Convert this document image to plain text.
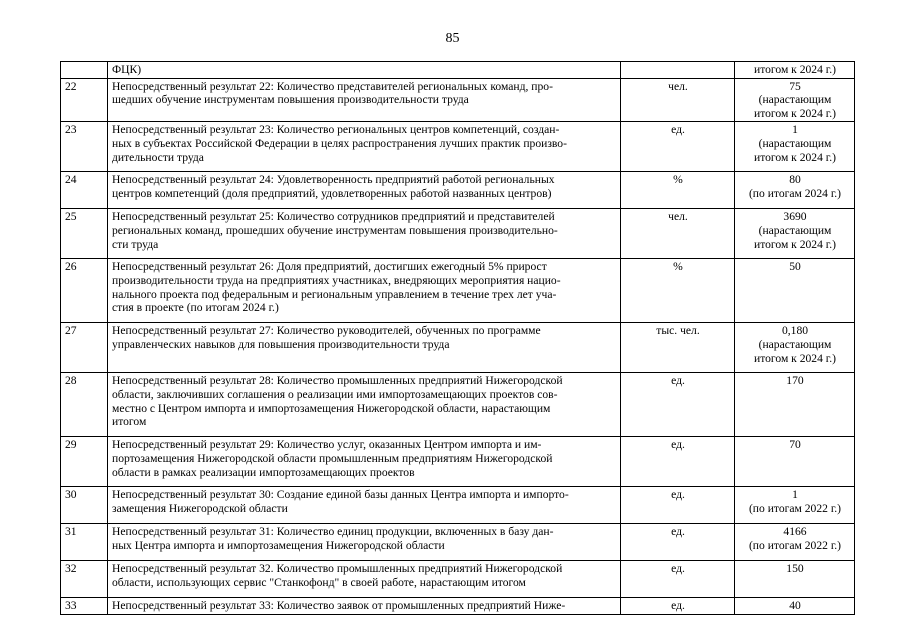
85

	ФЦК)		итогом к 2024 г.)

22	Непосредственный результат 22: Количество представителей региональных команд, про-
шедших обучение инструментам повышения производительности труда	чел.	75
(нарастающим
итогом к 2024 г.)

23	Непосредственный результат 23: Количество региональных центров компетенций, создан-
ных в субъектах Российской Федерации в целях распространения лучших практик произво-
дительности труда	ед.	1
(нарастающим
итогом к 2024 г.)

24	Непосредственный результат 24: Удовлетворенность предприятий работой региональных
центров компетенций (доля предприятий, удовлетворенных работой названных центров)	%	80
(по итогам 2024 г.)

25	Непосредственный результат 25: Количество сотрудников предприятий и представителей
региональных команд, прошедших обучение инструментам повышения производительно-
сти труда	чел.	3690
(нарастающим
итогом к 2024 г.)

26	Непосредственный результат 26: Доля предприятий, достигших ежегодный 5% прирост
производительности труда на предприятиях участниках, внедряющих мероприятия нацио-
нального проекта под федеральным и региональным управлением в течение трех лет уча-
стия в проекте (по итогам 2024 г.)	%	50

27	Непосредственный результат 27: Количество руководителей, обученных по программе
управленческих навыков для повышения производительности труда	тыс. чел.	0,180
(нарастающим
итогом к 2024 г.)

28	Непосредственный результат 28: Количество промышленных предприятий Нижегородской
области, заключивших соглашения о реализации ими импортозамещающих проектов сов-
местно с Центром импорта и импортозамещения Нижегородской области, нарастающим
итогом	ед.	170

29	Непосредственный результат 29: Количество услуг, оказанных Центром импорта и им-
портозамещения Нижегородской области промышленным предприятиям Нижегородской
области в рамках реализации импортозамещающих проектов	ед.	70

30	Непосредственный результат 30: Создание единой базы данных Центра импорта и импорто-
замещения Нижегородской области	ед.	1
(по итогам 2022 г.)

31	Непосредственный результат 31: Количество единиц продукции, включенных в базу дан-
ных Центра импорта и импортозамещения Нижегородской области	ед.	4166
(по итогам 2022 г.)

32	Непосредственный результат 32. Количество промышленных предприятий Нижегородской
области, использующих сервис "Станкофонд" в своей работе, нарастающим итогом	ед.	150

33	Непосредственный результат 33: Количество заявок от промышленных предприятий Ниже-	ед.	40
